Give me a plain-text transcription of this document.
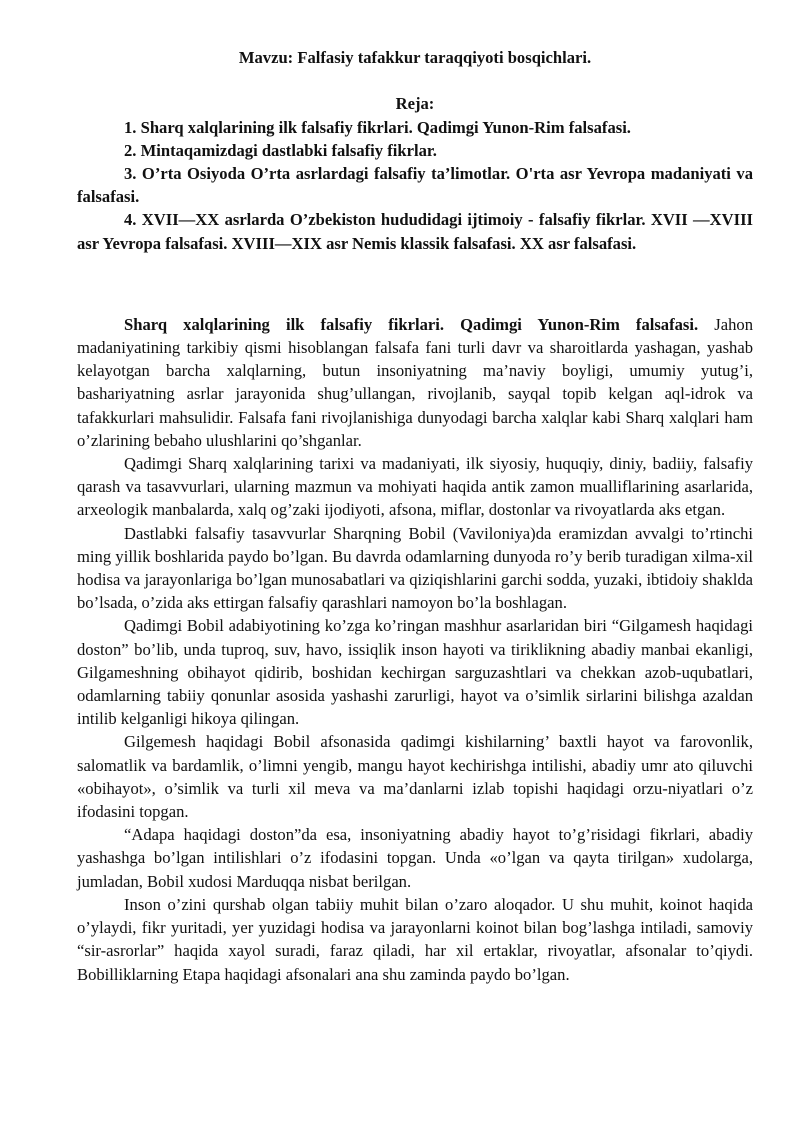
Mavzu: Falfasiy tafakkur taraqqiyoti bosqichlari.

Reja:

1. Sharq xalqlarining ilk falsafiy fikrlari. Qadimgi Yunon-Rim falsafasi.

2. Mintaqamizdagi dastlabki falsafiy fikrlar.

3. O’rta Osiyoda O’rta asrlardagi falsafiy ta’limotlar. O'rta asr Yevropa madaniyati va falsafasi.

4. XVII—XX asrlarda O’zbekiston hududidagi ijtimoiy - falsafiy fikrlar. XVII —XVIII asr Yevropa falsafasi. XVIII—XIX asr Nemis klassik falsafasi. XX asr falsafasi.

Sharq xalqlarining ilk falsafiy fikrlari. Qadimgi Yunon-Rim falsafasi. Jahon madaniyatining tarkibiy qismi hisoblangan falsafa fani turli davr va sharoitlarda yashagan, yashab kelayotgan barcha xalqlarning, butun insoniyatning ma’naviy boyligi, umumiy yutug’i, bashariyatning asrlar jarayonida shug’ullangan, rivojlanib, sayqal topib kelgan aql-idrok va tafakkurlari mahsulidir. Falsafa fani rivojlanishiga dunyodagi barcha xalqlar kabi Sharq xalqlari ham o’zlarining bebaho ulushlarini qo’shganlar.

Qadimgi Sharq xalqlarining tarixi va madaniyati, ilk siyosiy, huquqiy, diniy, badiiy, falsafiy qarash va tasavvurlari, ularning mazmun va mohiyati haqida antik zamon mualliflarining asarlarida, arxeologik manbalarda, xalq og’zaki ijodiyoti, afsona, miflar, dostonlar va rivoyatlarda aks etgan.

Dastlabki falsafiy tasavvurlar Sharqning Bobil (Vaviloniya)da eramizdan avvalgi to’rtinchi ming yillik boshlarida paydo bo’lgan. Bu davrda odamlarning dunyoda ro’y berib turadigan xilma-xil hodisa va jarayonlariga bo’lgan munosabatlari va qiziqishlarini garchi sodda, yuzaki, ibtidoiy shaklda bo’lsada, o’zida aks ettirgan falsafiy qarashlari namoyon bo’la boshlagan.

Qadimgi Bobil adabiyotining ko’zga ko’ringan mashhur asarlaridan biri “Gilgamesh haqidagi doston” bo’lib, unda tuproq, suv, havo, issiqlik inson hayoti va tiriklikning abadiy manbai ekanligi, Gilgameshning obihayot qidirib, boshidan kechirgan sarguzashtlari va chekkan azob-uqubatlari, odamlarning tabiiy qonunlar asosida yashashi zarurligi, hayot va o’simlik sirlarini bilishga azaldan intilib kelganligi hikoya qilingan.

Gilgemesh haqidagi Bobil afsonasida qadimgi kishilarning’ baxtli hayot va farovonlik, salomatlik va bardamlik, o’limni yengib, mangu hayot kechirishga intilishi, abadiy umr ato qiluvchi «obihayot», o’simlik va turli xil meva va ma’danlarni izlab topishi haqidagi orzu-niyatlari o’z ifodasini topgan.

“Adapa haqidagi doston”da esa, insoniyatning abadiy hayot to’g’risidagi fikrlari, abadiy yashashga bo’lgan intilishlari o’z ifodasini topgan. Unda «o’lgan va qayta tirilgan» xudolarga, jumladan, Bobil xudosi Marduqqa nisbat berilgan.

Inson o’zini qurshab olgan tabiiy muhit bilan o’zaro aloqador. U shu muhit, koinot haqida o’ylaydi, fikr yuritadi, yer yuzidagi hodisa va jarayonlarni koinot bilan bog’lashga intiladi, samoviy “sir-asrorlar” haqida xayol suradi, faraz qiladi, har xil ertaklar, rivoyatlar, afsonalar to’qiydi. Bobilliklarning Etapa haqidagi afsonalari ana shu zaminda paydo bo’lgan.
